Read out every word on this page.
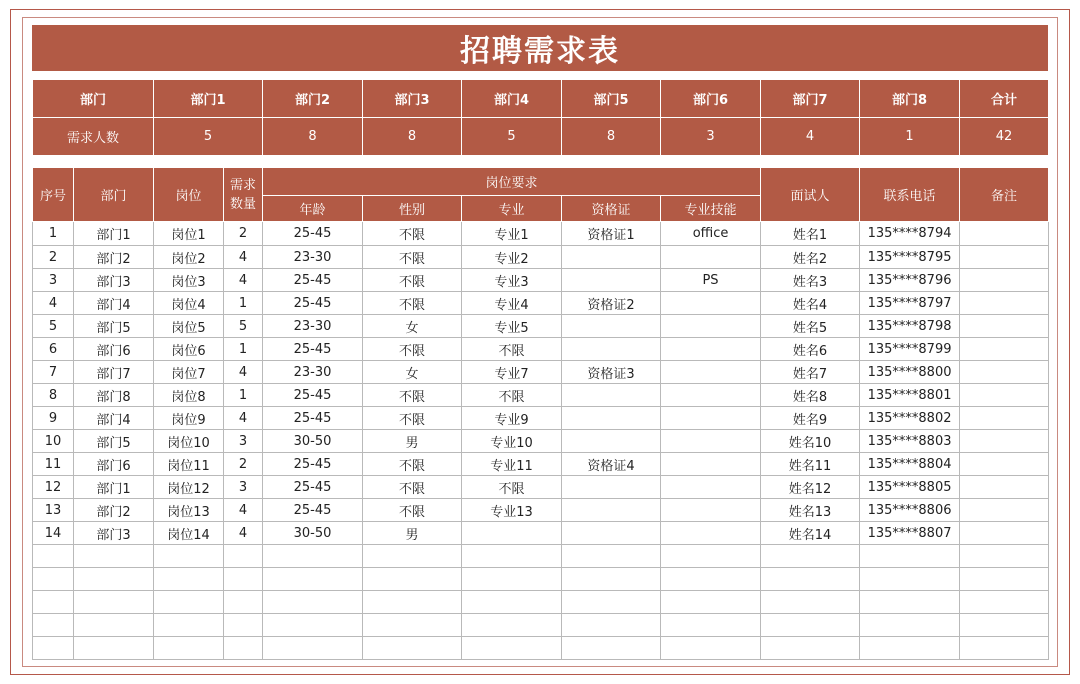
招聘需求表
部门	部门1	部门2	部门3	部门4	部门5	部门6	部门7	部门8	合计
需求人数	5	8	8	5	8	3	4	1	42
序号	部门	岗位	需求数量	岗位要求					面试人	联系电话	备注
				年龄	性别	专业	资格证	专业技能			
1	部门1	岗位1	2	25-45	不限	专业1	资格证1	office	姓名1	135****8794	
2	部门2	岗位2	4	23-30	不限	专业2			姓名2	135****8795	
3	部门3	岗位3	4	25-45	不限	专业3		PS	姓名3	135****8796	
4	部门4	岗位4	1	25-45	不限	专业4	资格证2		姓名4	135****8797	
5	部门5	岗位5	5	23-30	女	专业5			姓名5	135****8798	
6	部门6	岗位6	1	25-45	不限	不限			姓名6	135****8799	
7	部门7	岗位7	4	23-30	女	专业7	资格证3		姓名7	135****8800	
8	部门8	岗位8	1	25-45	不限	不限			姓名8	135****8801	
9	部门4	岗位9	4	25-45	不限	专业9			姓名9	135****8802	
10	部门5	岗位10	3	30-50	男	专业10			姓名10	135****8803	
11	部门6	岗位11	2	25-45	不限	专业11	资格证4		姓名11	135****8804	
12	部门1	岗位12	3	25-45	不限	不限			姓名12	135****8805	
13	部门2	岗位13	4	25-45	不限	专业13			姓名13	135****8806	
14	部门3	岗位14	4	30-50	男				姓名14	135****8807	
